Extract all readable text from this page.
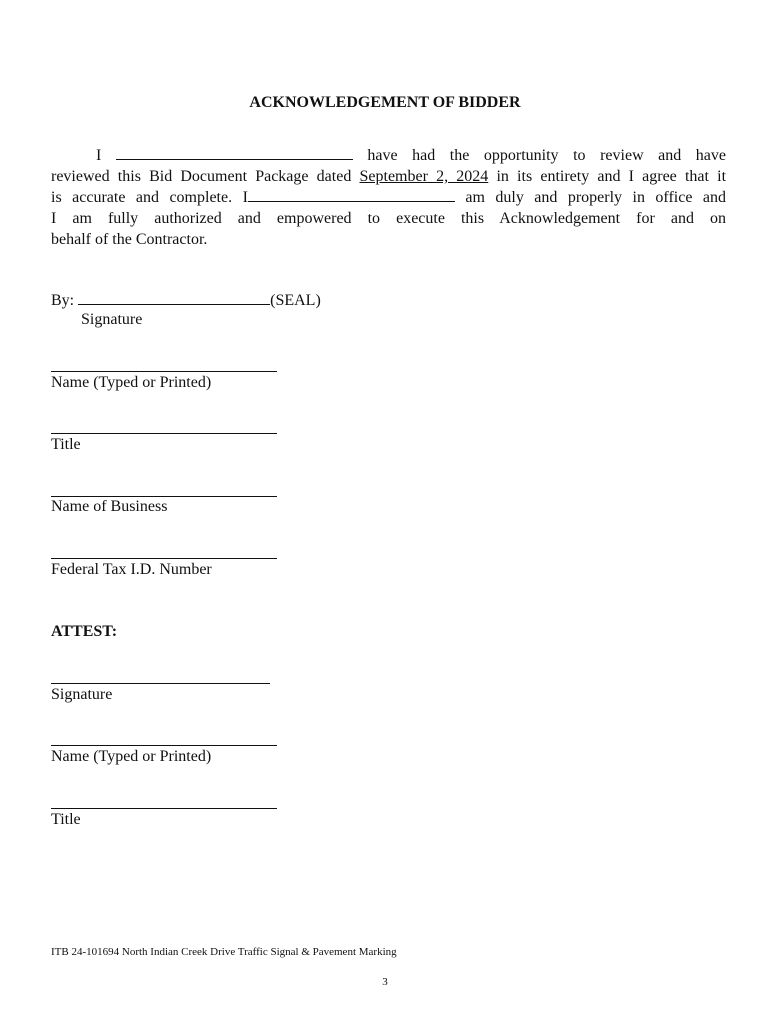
ACKNOWLEDGEMENT OF BIDDER
I	have had the opportunity to review and have
reviewed this Bid Document Package dated September 2, 2024 in its entirety and I agree that it
is accurate and complete. I	am duly and properly in office and
I am fully authorized and empowered to execute this Acknowledgement for and on
behalf of the Contractor.
By:	(SEAL)
Signature
Name (Typed or Printed)
Title
Name of Business
Federal Tax I.D. Number
ATTEST:
Signature
Name (Typed or Printed)
Title
ITB 24-101694 North Indian Creek Drive Traffic Signal & Pavement Marking
3
